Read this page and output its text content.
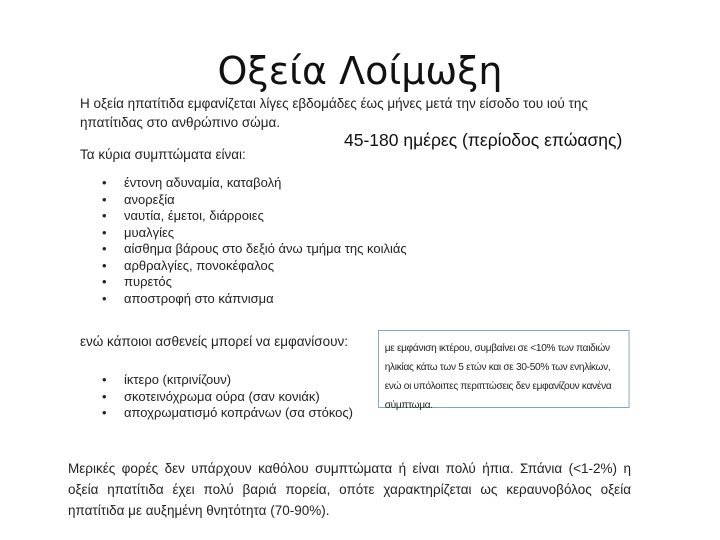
Οξεία Λοίμωξη

Η οξεία ηπατίτιδα εμφανίζεται λίγες εβδομάδες έως μήνες μετά την είσοδο του ιού της ηπατίτιδας στο ανθρώπινο σώμα.

45-180 ημέρες (περίοδος επώασης)
Τα κύρια συμπτώματα είναι:
• έντονη αδυναμία, καταβολή
• ανορεξία
• ναυτία, έμετοι, διάρροιες
• μυαλγίες
• αίσθημα βάρους στο δεξιό άνω τμήμα της κοιλιάς
• αρθραλγίες, πονοκέφαλος
• πυρετός
• αποστροφή στο κάπνισμα
ενώ κάποιοι ασθενείς μπορεί να εμφανίσουν:	με εμφάνιση ικτέρου, συμβαίνει σε <10% των παιδιών ηλικίας κάτω των 5 ετών και σε 30-50% των ενηλίκων, ενώ οι υπόλοιπες περιπτώσεις δεν εμφανίζουν κανένα σύμπτωμα.
• ίκτερο (κιτρινίζουν)
• σκοτεινόχρωμα ούρα (σαν κονιάκ)
• αποχρωματισμό κοπράνων (σα στόκος)

Μερικές φορές δεν υπάρχουν καθόλου συμπτώματα ή είναι πολύ ήπια. Σπάνια (<1-2%) η οξεία ηπατίτιδα έχει πολύ βαριά πορεία, οπότε χαρακτηρίζεται ως κεραυνοβόλος οξεία ηπατίτιδα με αυξημένη θνητότητα (70-90%).
